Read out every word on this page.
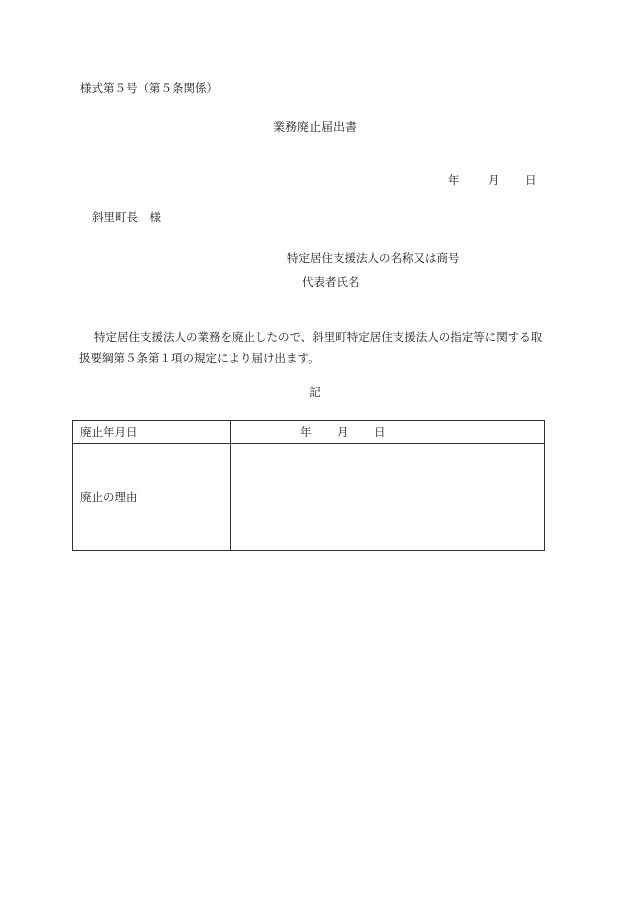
様式第５号（第５条関係）
業務廃止届出書
年 月 日
斜里町長　様
特定居住支援法人の名称又は商号
代表者氏名
特定居住支援法人の業務を廃止したので、斜里町特定居住支援法人の指定等に関する取扱要綱第５条第１項の規定により届け出ます。
記
廃止年月日	年 月 日
廃止の理由	
